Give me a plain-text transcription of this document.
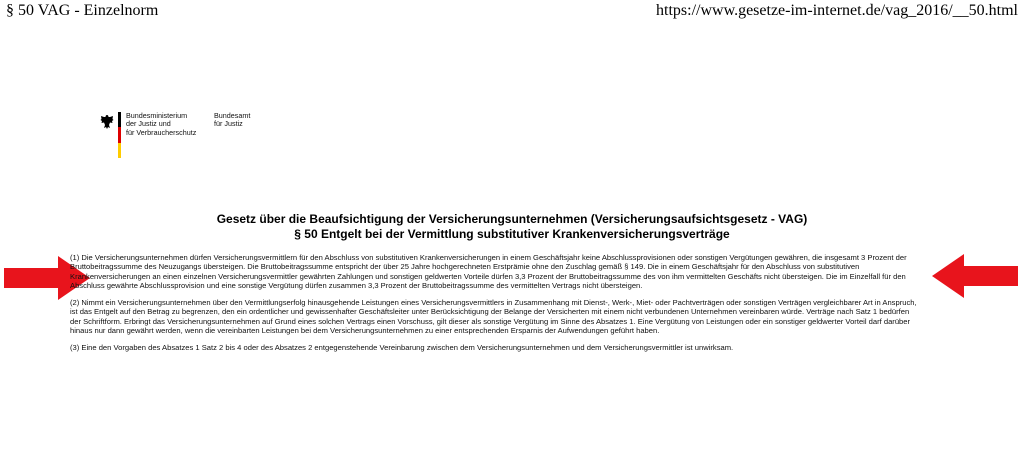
§ 50 VAG - Einzelnorm	https://www.gesetze-im-internet.de/vag_2016/__50.html
Bundesministerium
der Justiz und
für Verbraucherschutz
Bundesamt
für Justiz
Gesetz über die Beaufsichtigung der Versicherungsunternehmen (Versicherungsaufsichtsgesetz - VAG)
§ 50 Entgelt bei der Vermittlung substitutiver Krankenversicherungsverträge

(1) Die Versicherungsunternehmen dürfen Versicherungsvermittlern für den Abschluss von substitutiven Krankenversicherungen in einem Geschäftsjahr keine Abschlussprovisionen oder sonstigen Vergütungen gewähren, die insgesamt 3 Prozent der Bruttobeitragssumme des Neuzugangs übersteigen. Die Bruttobeitragssumme entspricht der über 25 Jahre hochgerechneten Erstprämie ohne den Zuschlag gemäß § 149. Die in einem Geschäftsjahr für den Abschluss von substitutiven Krankenversicherungen an einen einzelnen Versicherungsvermittler gewährten Zahlungen und sonstigen geldwerten Vorteile dürfen 3,3 Prozent der Bruttobeitragssumme des von ihm vermittelten Geschäfts nicht übersteigen. Die im Einzelfall für den Abschluss gewährte Abschlussprovision und eine sonstige Vergütung dürfen zusammen 3,3 Prozent der Bruttobeitragssumme des vermittelten Vertrags nicht übersteigen.

(2) Nimmt ein Versicherungsunternehmen über den Vermittlungserfolg hinausgehende Leistungen eines Versicherungsvermittlers in Zusammenhang mit Dienst-, Werk-, Miet- oder Pachtverträgen oder sonstigen Verträgen vergleichbarer Art in Anspruch, ist das Entgelt auf den Betrag zu begrenzen, den ein ordentlicher und gewissenhafter Geschäftsleiter unter Berücksichtigung der Belange der Versicherten mit einem nicht verbundenen Unternehmen vereinbaren würde. Verträge nach Satz 1 bedürfen der Schriftform. Erbringt das Versicherungsunternehmen auf Grund eines solchen Vertrags einen Vorschuss, gilt dieser als sonstige Vergütung im Sinne des Absatzes 1. Eine Vergütung von Leistungen oder ein sonstiger geldwerter Vorteil darf darüber hinaus nur dann gewährt werden, wenn die vereinbarten Leistungen bei dem Versicherungsunternehmen zu einer entsprechenden Ersparnis der Aufwendungen geführt haben.

(3) Eine den Vorgaben des Absatzes 1 Satz 2 bis 4 oder des Absatzes 2 entgegenstehende Vereinbarung zwischen dem Versicherungsunternehmen und dem Versicherungsvermittler ist unwirksam.
